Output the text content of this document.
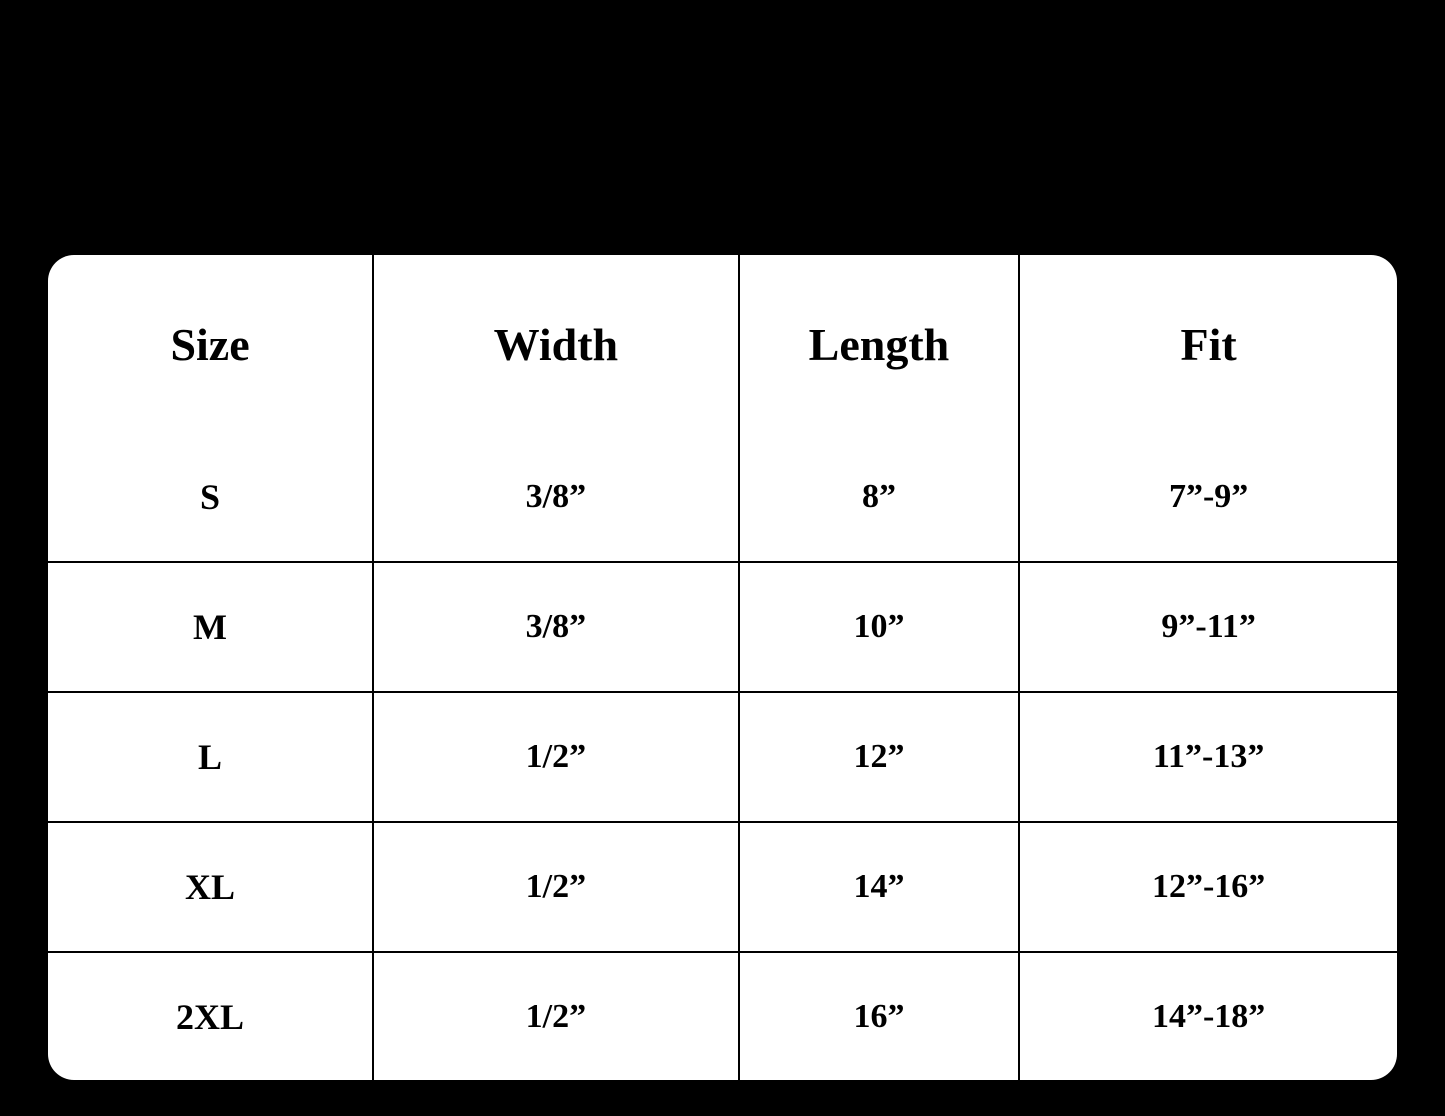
Size	Width	Length	Fit
S	3/8”	8”	7”-9”
M	3/8”	10”	9”-11”
L	1/2”	12”	11”-13”
XL	1/2”	14”	12”-16”
2XL	1/2”	16”	14”-18”
